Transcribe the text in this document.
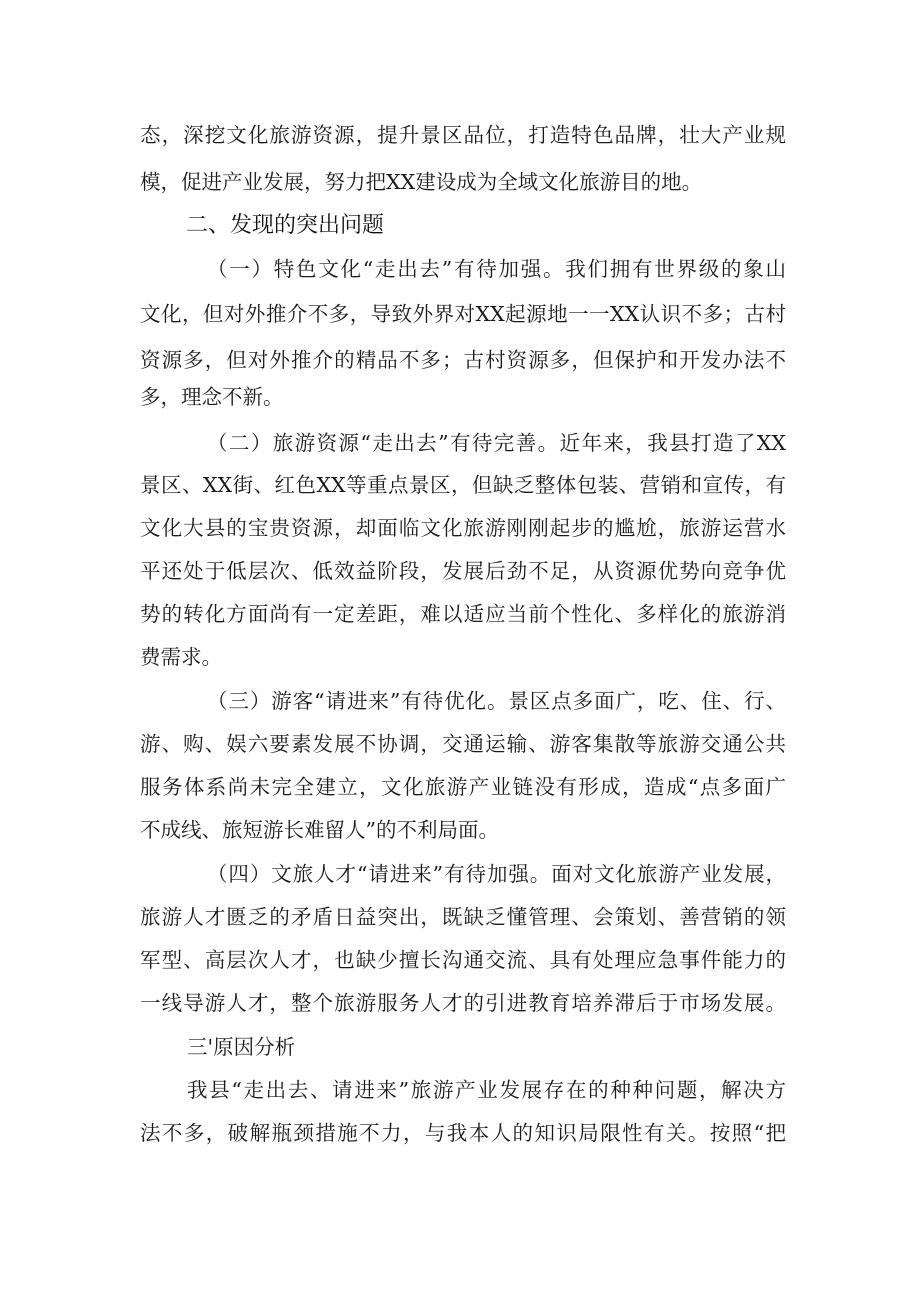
态，深挖文化旅游资源，提升景区品位，打造特色品牌，壮大产业规
模，促进产业发展，努力把XX建设成为全域文化旅游目的地。
二、发现的突出问题
（一）特色文化“走出去”有待加强。我们拥有世界级的象山
文化，但对外推介不多，导致外界对XX起源地一一XX认识不多；古村
资源多，但对外推介的精品不多；古村资源多，但保护和开发办法不
多，理念不新。
（二）旅游资源“走出去”有待完善。近年来，我县打造了XX
景区、XX街、红色XX等重点景区，但缺乏整体包装、营销和宣传，有
文化大县的宝贵资源，却面临文化旅游刚刚起步的尴尬，旅游运营水
平还处于低层次、低效益阶段，发展后劲不足，从资源优势向竞争优
势的转化方面尚有一定差距，难以适应当前个性化、多样化的旅游消
费需求。
（三）游客“请进来”有待优化。景区点多面广，吃、住、行、
游、购、娱六要素发展不协调，交通运输、游客集散等旅游交通公共
服务体系尚未完全建立，文化旅游产业链没有形成，造成“点多面广
不成线、旅短游长难留人”的不利局面。
（四）文旅人才“请进来”有待加强。面对文化旅游产业发展，
旅游人才匮乏的矛盾日益突出，既缺乏懂管理、会策划、善营销的领
军型、高层次人才，也缺少擅长沟通交流、具有处理应急事件能力的
一线导游人才，整个旅游服务人才的引进教育培养滞后于市场发展。
三'原因分析
我县“走出去、请进来”旅游产业发展存在的种种问题，解决方
法不多，破解瓶颈措施不力，与我本人的知识局限性有关。按照“把
